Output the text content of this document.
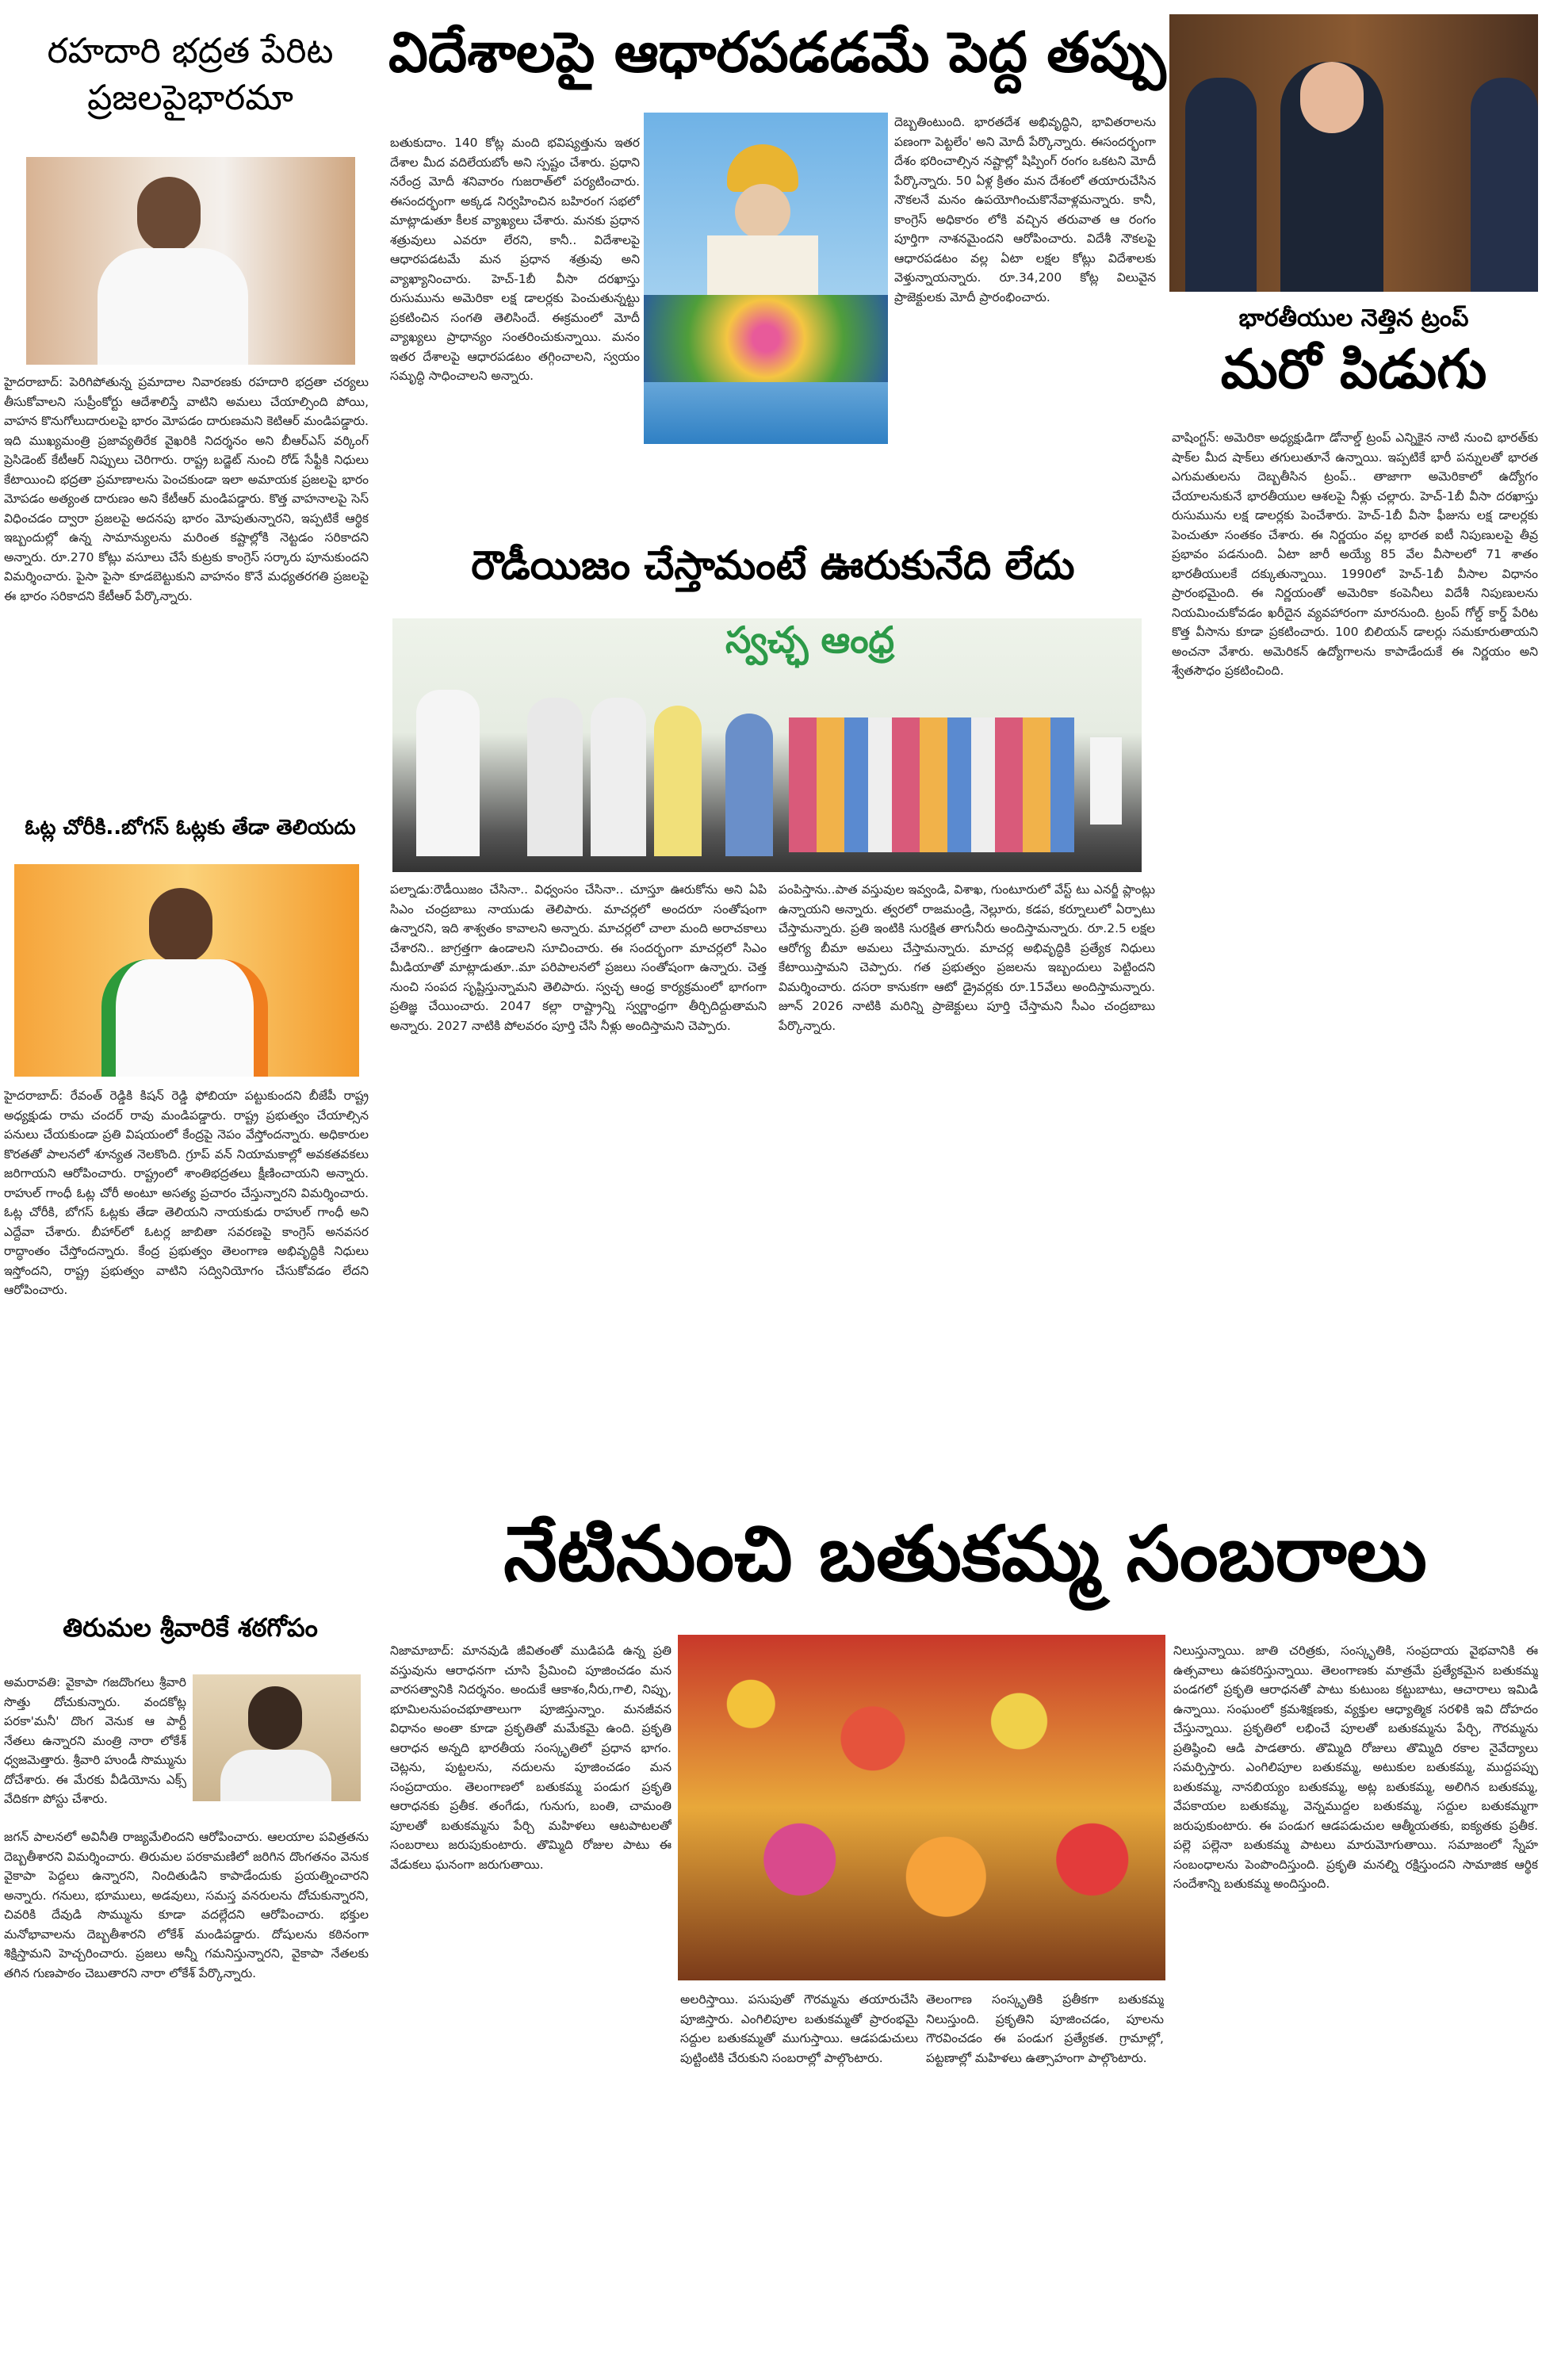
రహదారి భద్రత పేరిట
ప్రజలపైభారమా
హైదరాబాద్: పెరిగిపోతున్న ప్రమాదాల నివారణకు రహదారి భద్రతా చర్యలు తీసుకోవాలని సుప్రీంకోర్టు ఆదేశాలిస్తే వాటిని అమలు చేయాల్సింది పోయి, వాహన కొనుగోలుదారులపై భారం మోపడం దారుణమని కెటిఆర్ మండిపడ్డారు. ఇది ముఖ్యమంత్రి ప్రజావ్యతిరేక వైఖరికి నిదర్శనం అని బీఆర్ఎస్ వర్కింగ్ ప్రెసిడెంట్ కేటీఆర్ నిప్పులు చెరిగారు. రాష్ట్ర బడ్జెట్ నుంచి రోడ్ సేఫ్టీకి నిధులు కేటాయించి భద్రతా ప్రమాణాలను పెంచకుండా ఇలా అమాయక ప్రజలపై భారం మోపడం అత్యంత దారుణం అని కేటీఆర్ మండిపడ్డారు. కొత్త వాహనాలపై సెస్ విధించడం ద్వారా ప్రజలపై అదనపు భారం మోపుతున్నారని, ఇప్పటికే ఆర్థిక ఇబ్బందుల్లో ఉన్న సామాన్యులను మరింత కష్టాల్లోకి నెట్టడం సరికాదని అన్నారు. రూ.270 కోట్లు వసూలు చేసే కుట్రకు కాంగ్రెస్ సర్కారు పూనుకుందని విమర్శించారు. పైసా పైసా కూడబెట్టుకుని వాహనం కొనే మధ్యతరగతి ప్రజలపై ఈ భారం సరికాదని కేటీఆర్ పేర్కొన్నారు.
ఓట్ల చోరీకి..బోగస్ ఓట్లకు తేడా తెలియదు
హైదరాబాద్: రేవంత్ రెడ్డికి కిషన్ రెడ్డి ఫోబియా పట్టుకుందని బీజేపీ రాష్ట్ర అధ్యక్షుడు రామ చందర్ రావు మండిపడ్డారు. రాష్ట్ర ప్రభుత్వం చేయాల్సిన పనులు చేయకుండా ప్రతి విషయంలో కేంద్రపై నెపం వేస్తోందన్నారు. అధికారుల కొరతతో పాలనలో శూన్యత నెలకొంది. గ్రూప్ వన్ నియామకాల్లో అవకతవకలు జరిగాయని ఆరోపించారు. రాష్ట్రంలో శాంతిభద్రతలు క్షీణించాయని అన్నారు. రాహుల్ గాంధీ ఓట్ల చోరీ అంటూ అసత్య ప్రచారం చేస్తున్నారని విమర్శించారు. ఓట్ల చోరీకి, బోగస్ ఓట్లకు తేడా తెలియని నాయకుడు రాహుల్ గాంధీ అని ఎద్దేవా చేశారు. బీహార్‌లో ఓటర్ల జాబితా సవరణపై కాంగ్రెస్ అనవసర రాద్ధాంతం చేస్తోందన్నారు. కేంద్ర ప్రభుత్వం తెలంగాణ అభివృద్ధికి నిధులు ఇస్తోందని, రాష్ట్ర ప్రభుత్వం వాటిని సద్వినియోగం చేసుకోవడం లేదని ఆరోపించారు.
తిరుమల శ్రీవారికే శఠగోపం
అమరావతి: వైకాపా గజదొంగలు శ్రీవారి సొత్తు దోచుకున్నారు. వందకోట్ల పరకా'మనీ' దొంగ వెనుక ఆ పార్టీ నేతలు ఉన్నారని మంత్రి నారా లోకేశ్ ధ్వజమెత్తారు. శ్రీవారి హుండీ సొమ్మును దోచేశారు. ఈ మేరకు వీడియోను ఎక్స్ వేదికగా పోస్టు చేశారు.
జగన్ పాలనలో అవినీతి రాజ్యమేలిందని ఆరోపించారు. ఆలయాల పవిత్రతను దెబ్బతీశారని విమర్శించారు. తిరుమల పరకామణిలో జరిగిన దొంగతనం వెనుక వైకాపా పెద్దలు ఉన్నారని, నిందితుడిని కాపాడేందుకు ప్రయత్నించారని అన్నారు. గనులు, భూములు, అడవులు, సమస్త వనరులను దోచుకున్నారని, చివరికి దేవుడి సొమ్మును కూడా వదల్లేదని ఆరోపించారు. భక్తుల మనోభావాలను దెబ్బతీశారని లోకేశ్ మండిపడ్డారు. దోషులను కఠినంగా శిక్షిస్తామని హెచ్చరించారు. ప్రజలు అన్నీ గమనిస్తున్నారని, వైకాపా నేతలకు తగిన గుణపాఠం చెబుతారని నారా లోకేశ్ పేర్కొన్నారు.
విదేశాలపై ఆధారపడడమే పెద్ద తప్పు
బతుకుదాం. 140 కోట్ల మంది భవిష్యత్తును ఇతర దేశాల మీద వదిలేయబోం అని స్పష్టం చేశారు. ప్రధాని నరేంద్ర మోదీ శనివారం గుజరాత్‌లో పర్యటించారు. ఈసందర్భంగా అక్కడ నిర్వహించిన బహిరంగ సభలో మాట్లాడుతూ కీలక వ్యాఖ్యలు చేశారు. మనకు ప్రధాన శత్రువులు ఎవరూ లేరని, కానీ.. విదేశాలపై ఆధారపడటమే మన ప్రధాన శత్రువు అని వ్యాఖ్యానించారు. హెచ్-1బీ వీసా దరఖాస్తు రుసుమును అమెరికా లక్ష డాలర్లకు పెంచుతున్నట్టు ప్రకటించిన సంగతి తెలిసిందే. ఈక్రమంలో మోదీ వ్యాఖ్యలు ప్రాధాన్యం సంతరించుకున్నాయి. మనం ఇతర దేశాలపై ఆధారపడటం తగ్గించాలని, స్వయం సమృద్ధి సాధించాలని అన్నారు.
దెబ్బతింటుంది. భారతదేశ అభివృద్ధిని, భావితరాలను పణంగా పెట్టలేం' అని మోదీ పేర్కొన్నారు. ఈసందర్భంగా దేశం భరించాల్సిన నష్టాల్లో షిప్పింగ్ రంగం ఒకటని మోదీ పేర్కొన్నారు. 50 ఏళ్ల క్రితం మన దేశంలో తయారుచేసిన నౌకలనే మనం ఉపయోగించుకొనేవాళ్లమన్నారు. కానీ, కాంగ్రెస్ అధికారం లోకి వచ్చిన తరువాత ఆ రంగం పూర్తిగా నాశనమైందని ఆరోపించారు. విదేశీ నౌకలపై ఆధారపడటం వల్ల ఏటా లక్షల కోట్లు విదేశాలకు వెళ్తున్నాయన్నారు. రూ.34,200 కోట్ల విలువైన ప్రాజెక్టులకు మోదీ ప్రారంభించారు.
రౌడీయిజం చేస్తామంటే ఊరుకునేది లేదు
స్వచ్ఛ ఆంధ్ర
పల్నాడు:రౌడీయిజం చేసినా.. విధ్వంసం చేసినా.. చూస్తూ ఊరుకోను అని ఏపి సిఎం చంద్రబాబు నాయుడు తెలిపారు. మాచర్లలో అందరూ సంతోషంగా ఉన్నారని, ఇది శాశ్వతం కావాలని అన్నారు. మాచర్లలో చాలా మంది అరాచకాలు చేశారని.. జాగ్రత్తగా ఉండాలని సూచించారు. ఈ సందర్భంగా మాచర్లలో సిఎం మీడియాతో మాట్లాడుతూ..మా పరిపాలనలో ప్రజలు సంతోషంగా ఉన్నారు. చెత్త నుంచి సంపద సృష్టిస్తున్నామని తెలిపారు. స్వచ్ఛ ఆంధ్ర కార్యక్రమంలో భాగంగా ప్రతిజ్ఞ చేయించారు. 2047 కల్లా రాష్ట్రాన్ని స్వర్ణాంధ్రగా తీర్చిదిద్దుతామని అన్నారు. 2027 నాటికి పోలవరం పూర్తి చేసి నీళ్లు అందిస్తామని చెప్పారు.
పంపిస్తాను..పాత వస్తువుల ఇవ్వండి, విశాఖ, గుంటూరులో వేస్ట్ టు ఎనర్జీ ప్లాంట్లు ఉన్నాయని అన్నారు. త్వరలో రాజమండ్రి, నెల్లూరు, కడప, కర్నూలులో ఏర్పాటు చేస్తామన్నారు. ప్రతి ఇంటికి సురక్షిత తాగునీరు అందిస్తామన్నారు. రూ.2.5 లక్షల ఆరోగ్య బీమా అమలు చేస్తామన్నారు. మాచర్ల అభివృద్ధికి ప్రత్యేక నిధులు కేటాయిస్తామని చెప్పారు. గత ప్రభుత్వం ప్రజలను ఇబ్బందులు పెట్టిందని విమర్శించారు. దసరా కానుకగా ఆటో డ్రైవర్లకు రూ.15వేలు అందిస్తామన్నారు. జూన్ 2026 నాటికి మరిన్ని ప్రాజెక్టులు పూర్తి చేస్తామని సీఎం చంద్రబాబు పేర్కొన్నారు.
భారతీయుల నెత్తిన ట్రంప్
మరో పిడుగు
వాషింగ్టన్: అమెరికా అధ్యక్షుడిగా డోనాల్డ్ ట్రంప్ ఎన్నికైన నాటి నుంచి భారత్‌కు షాక్‌ల మీద షాక్‌లు తగులుతూనే ఉన్నాయి. ఇప్పటికే భారీ పన్నులతో భారత ఎగుమతులను దెబ్బతీసిన ట్రంప్.. తాజాగా అమెరికాలో ఉద్యోగం చేయాలనుకునే భారతీయుల ఆశలపై నీళ్లు చల్లారు. హెచ్-1బీ వీసా దరఖాస్తు రుసుమును లక్ష డాలర్లకు పెంచేశారు. హెచ్-1బీ వీసా ఫీజును లక్ష డాలర్లకు పెంచుతూ సంతకం చేశారు. ఈ నిర్ణయం వల్ల భారత ఐటీ నిపుణులపై తీవ్ర ప్రభావం పడనుంది. ఏటా జారీ అయ్యే 85 వేల వీసాలలో 71 శాతం భారతీయులకే దక్కుతున్నాయి. 1990లో హెచ్-1బీ వీసాల విధానం ప్రారంభమైంది. ఈ నిర్ణయంతో అమెరికా కంపెనీలు విదేశీ నిపుణులను నియమించుకోవడం ఖరీదైన వ్యవహారంగా మారనుంది. ట్రంప్ గోల్డ్ కార్డ్ పేరిట కొత్త వీసాను కూడా ప్రకటించారు. 100 బిలియన్ డాలర్లు సమకూరుతాయని అంచనా వేశారు. అమెరికన్ ఉద్యోగాలను కాపాడేందుకే ఈ నిర్ణయం అని శ్వేతసౌధం ప్రకటించింది.
నేటినుంచి బతుకమ్మ సంబరాలు
నిజామాబాద్: మానవుడి జీవితంతో ముడిపడి ఉన్న ప్రతి వస్తువును ఆరాధనగా చూసి ప్రేమించి పూజించడం మన వారసత్వానికి నిదర్శనం. అందుకే ఆకాశం,నీరు,గాలి, నిప్పు, భూమిలనుపంచభూతాలుగా పూజిస్తున్నాం. మనజీవన విధానం అంతా కూడా ప్రకృతితో మమేకమై ఉంది. ప్రకృతి ఆరాధన అన్నది భారతీయ సంస్కృతిలో ప్రధాన భాగం. చెట్లను, పుట్టలను, నదులను పూజించడం మన సంప్రదాయం. తెలంగాణలో బతుకమ్మ పండుగ ప్రకృతి ఆరాధనకు ప్రతీక. తంగేడు, గునుగు, బంతి, చామంతి పూలతో బతుకమ్మను పేర్చి మహిళలు ఆటపాటలతో సంబరాలు జరుపుకుంటారు. తొమ్మిది రోజుల పాటు ఈ వేడుకలు ఘనంగా జరుగుతాయి.
అలరిస్తాయి. పసుపుతో గౌరమ్మను తయారుచేసి పూజిస్తారు. ఎంగిలిపూల బతుకమ్మతో ప్రారంభమై సద్దుల బతుకమ్మతో ముగుస్తాయి. ఆడపడుచులు పుట్టింటికి చేరుకుని సంబరాల్లో పాల్గొంటారు.
తెలంగాణ సంస్కృతికి ప్రతీకగా బతుకమ్మ నిలుస్తుంది. ప్రకృతిని పూజించడం, పూలను గౌరవించడం ఈ పండుగ ప్రత్యేకత. గ్రామాల్లో, పట్టణాల్లో మహిళలు ఉత్సాహంగా పాల్గొంటారు.
నిలుస్తున్నాయి. జాతి చరిత్రకు, సంస్కృతికి, సంప్రదాయ వైభవానికి ఈ ఉత్సవాలు ఉపకరిస్తున్నాయి. తెలంగాణకు మాత్రమే ప్రత్యేకమైన బతుకమ్మ పండగలో ప్రకృతి ఆరాధనతో పాటు కుటుంబ కట్టుబాటు, ఆచారాలు ఇమిడి ఉన్నాయి. సంఘంలో క్రమశిక్షణకు, వ్యక్తుల ఆధ్యాత్మిక సరళికి ఇవి దోహదం చేస్తున్నాయి. ప్రకృతిలో లభించే పూలతో బతుకమ్మను పేర్చి, గౌరమ్మను ప్రతిష్ఠించి ఆడి పాడతారు. తొమ్మిది రోజులు తొమ్మిది రకాల నైవేద్యాలు సమర్పిస్తారు. ఎంగిలిపూల బతుకమ్మ, అటుకుల బతుకమ్మ, ముద్దపప్పు బతుకమ్మ, నానబియ్యం బతుకమ్మ, అట్ల బతుకమ్మ, అలిగిన బతుకమ్మ, వేపకాయల బతుకమ్మ, వెన్నముద్దల బతుకమ్మ, సద్దుల బతుకమ్మగా జరుపుకుంటారు. ఈ పండుగ ఆడపడుచుల ఆత్మీయతకు, ఐక్యతకు ప్రతీక. పల్లె పల్లెనా బతుకమ్మ పాటలు మారుమోగుతాయి. సమాజంలో స్నేహ సంబంధాలను పెంపొందిస్తుంది. ప్రకృతి మనల్ని రక్షిస్తుందని సామాజిక ఆర్థిక సందేశాన్ని బతుకమ్మ అందిస్తుంది.
